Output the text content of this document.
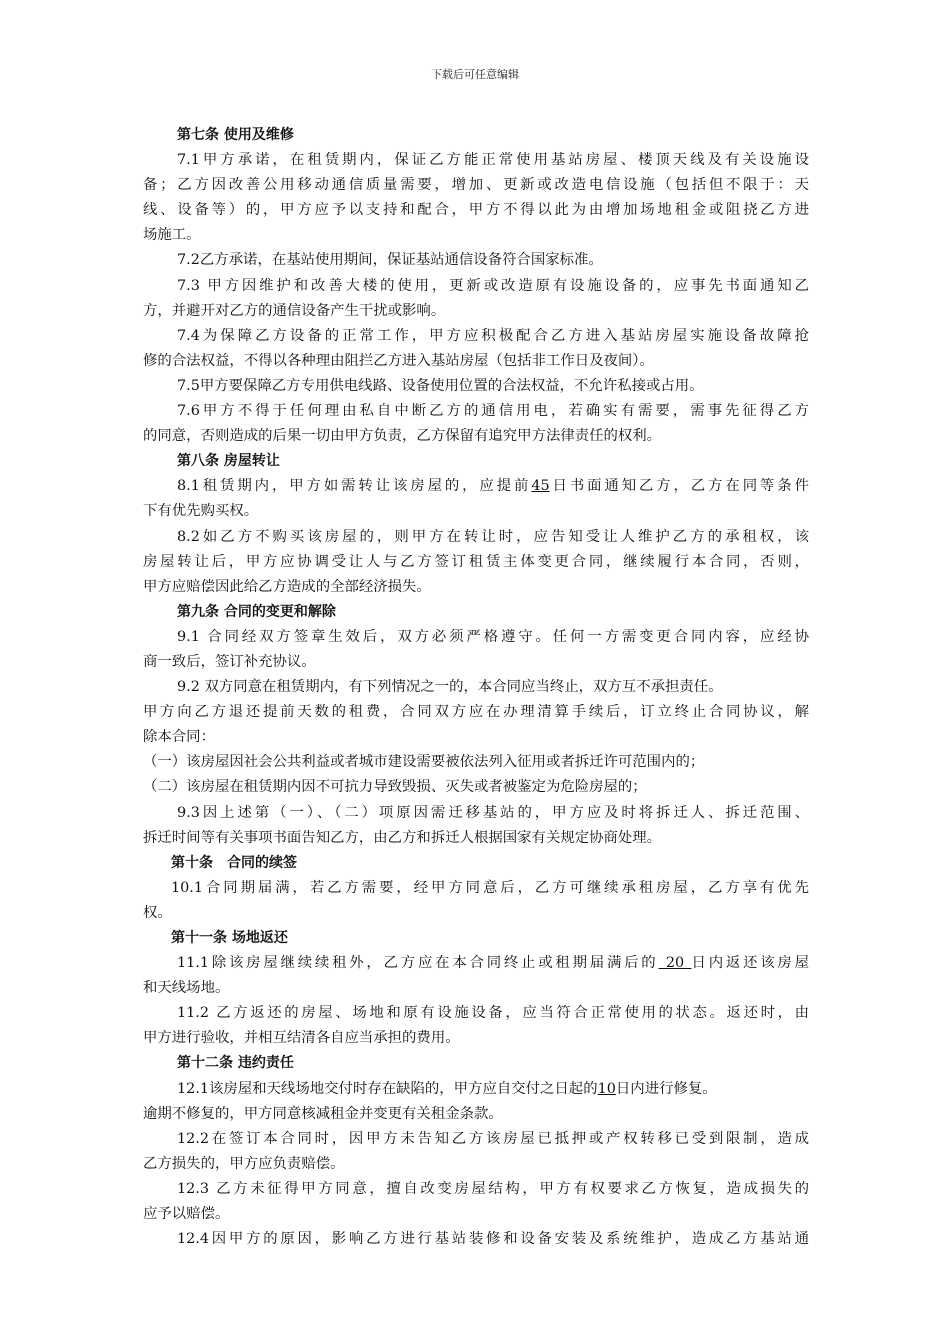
下载后可任意编辑
第七条 使用及维修
7.1甲方承诺，在租赁期内，保证乙方能正常使用基站房屋、楼顶天线及有关设施设
备；乙方因改善公用移动通信质量需要，增加、更新或改造电信设施（包括但不限于：天
线、设备等）的，甲方应予以支持和配合，甲方不得以此为由增加场地租金或阻挠乙方进
场施工。
7.2乙方承诺，在基站使用期间，保证基站通信设备符合国家标准。
7.3 甲方因维护和改善大楼的使用，更新或改造原有设施设备的，应事先书面通知乙
方，并避开对乙方的通信设备产生干扰或影响。
7.4为保障乙方设备的正常工作，甲方应积极配合乙方进入基站房屋实施设备故障抢
修的合法权益，不得以各种理由阻拦乙方进入基站房屋（包括非工作日及夜间）。
7.5甲方要保障乙方专用供电线路、设备使用位置的合法权益，不允许私接或占用。
7.6甲方不得于任何理由私自中断乙方的通信用电，若确实有需要，需事先征得乙方
的同意，否则造成的后果一切由甲方负责，乙方保留有追究甲方法律责任的权利。
第八条 房屋转让
8.1租赁期内，甲方如需转让该房屋的，应提前45日书面通知乙方，乙方在同等条件
下有优先购买权。
8.2如乙方不购买该房屋的，则甲方在转让时，应告知受让人维护乙方的承租权，该
房屋转让后，甲方应协调受让人与乙方签订租赁主体变更合同，继续履行本合同，否则，
甲方应赔偿因此给乙方造成的全部经济损失。
第九条 合同的变更和解除
9.1 合同经双方签章生效后，双方必须严格遵守。任何一方需变更合同内容，应经协
商一致后，签订补充协议。
9.2 双方同意在租赁期内，有下列情况之一的，本合同应当终止，双方互不承担责任。
甲方向乙方退还提前天数的租费，合同双方应在办理清算手续后，订立终止合同协议，解
除本合同：
（一）该房屋因社会公共利益或者城市建设需要被依法列入征用或者拆迁许可范围内的；
（二）该房屋在租赁期内因不可抗力导致毁损、灭失或者被鉴定为危险房屋的；
9.3因上述第（一）、（二）项原因需迁移基站的，甲方应及时将拆迁人、拆迁范围、
拆迁时间等有关事项书面告知乙方，由乙方和拆迁人根据国家有关规定协商处理。
第十条　合同的续签
10.1合同期届满，若乙方需要，经甲方同意后，乙方可继续承租房屋，乙方享有优先
权。
第十一条 场地返还
11.1除该房屋继续续租外，乙方应在本合同终止或租期届满后的 20 日内返还该房屋
和天线场地。
11.2 乙方返还的房屋、场地和原有设施设备，应当符合正常使用的状态。返还时，由
甲方进行验收，并相互结清各自应当承担的费用。
第十二条 违约责任
12.1该房屋和天线场地交付时存在缺陷的，甲方应自交付之日起的10日内进行修复。
逾期不修复的，甲方同意核减租金并变更有关租金条款。
12.2在签订本合同时，因甲方未告知乙方该房屋已抵押或产权转移已受到限制，造成
乙方损失的，甲方应负责赔偿。
12.3 乙方未征得甲方同意，擅自改变房屋结构，甲方有权要求乙方恢复，造成损失的
应予以赔偿。
12.4因甲方的原因，影响乙方进行基站装修和设备安装及系统维护，造成乙方基站通
